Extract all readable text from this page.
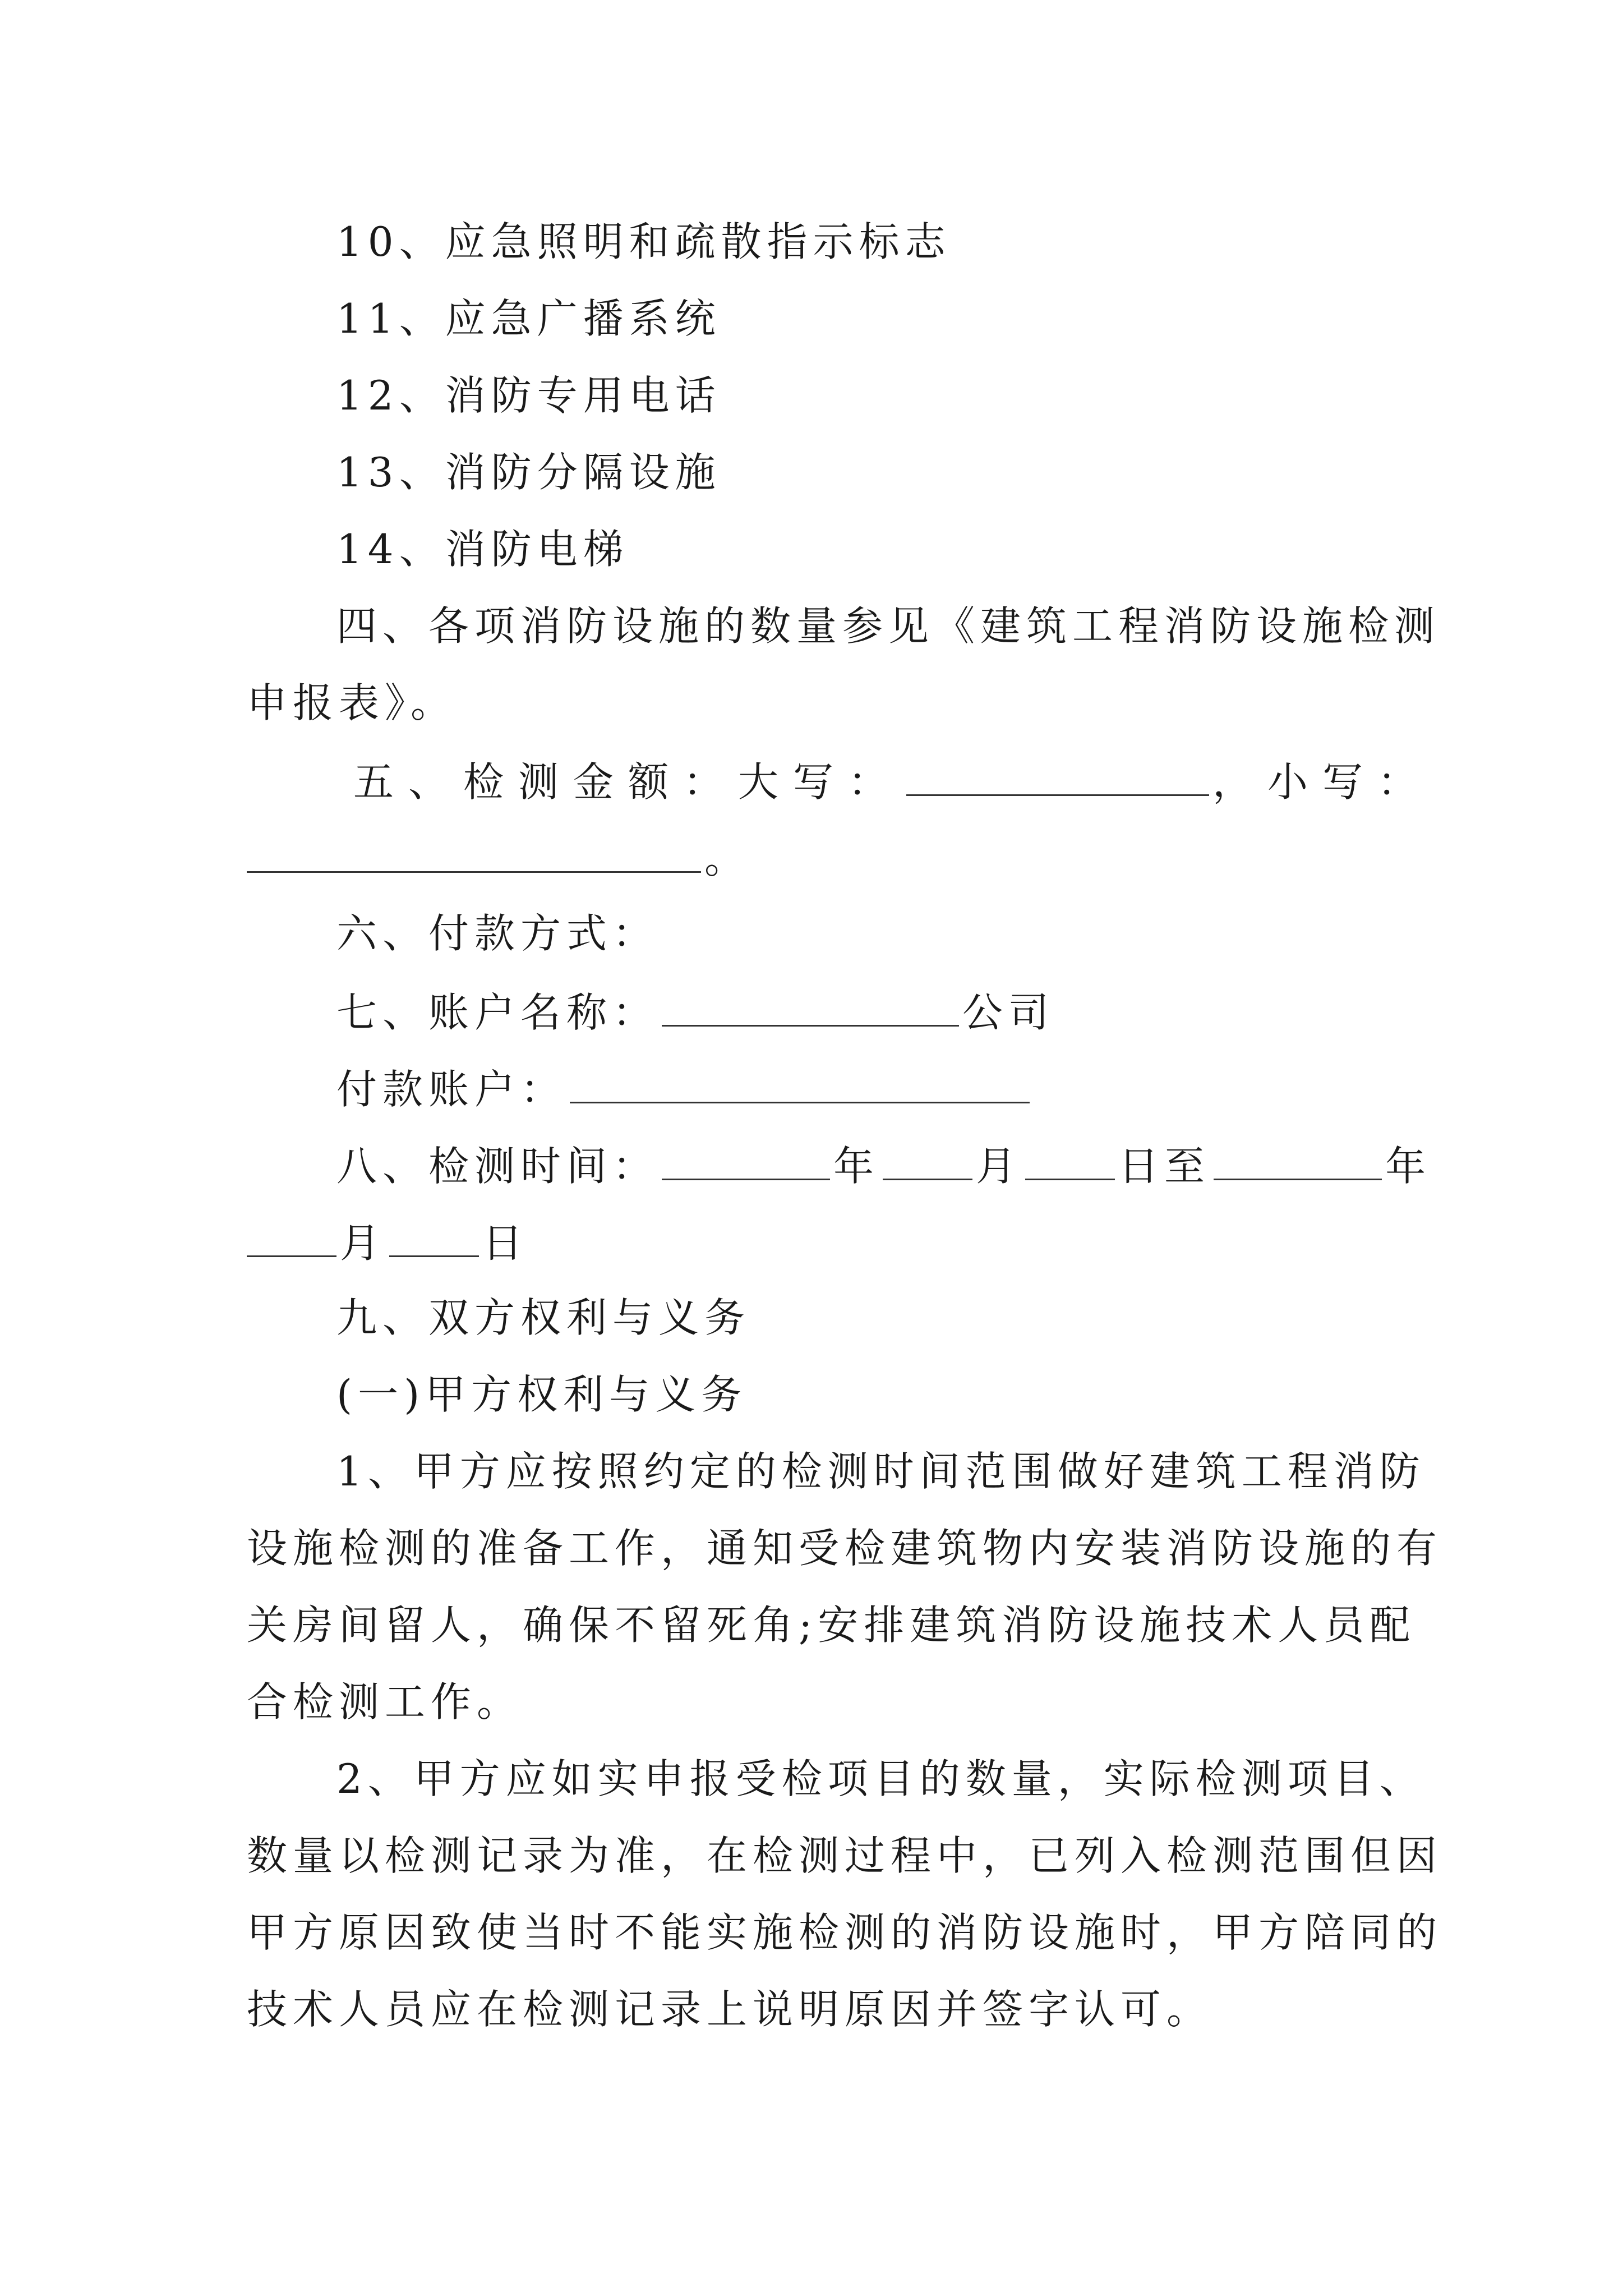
10、应急照明和疏散指示标志
11、应急广播系统
12、消防专用电话
13、消防分隔设施
14、消防电梯
四、各项消防设施的数量参见《建筑工程消防设施检测
申报表》。
五、检测金额：大写：	，小写：
。
六、付款方式：
七、账户名称：	公司
付款账户：
八、检测时间：	年 月 日至	年
月 日
九、双方权利与义务
(一)甲方权利与义务
1、甲方应按照约定的检测时间范围做好建筑工程消防
设施检测的准备工作，通知受检建筑物内安装消防设施的有
关房间留人，确保不留死角;安排建筑消防设施技术人员配
合检测工作。
2、甲方应如实申报受检项目的数量，实际检测项目、
数量以检测记录为准，在检测过程中，已列入检测范围但因
甲方原因致使当时不能实施检测的消防设施时，甲方陪同的
技术人员应在检测记录上说明原因并签字认可。
